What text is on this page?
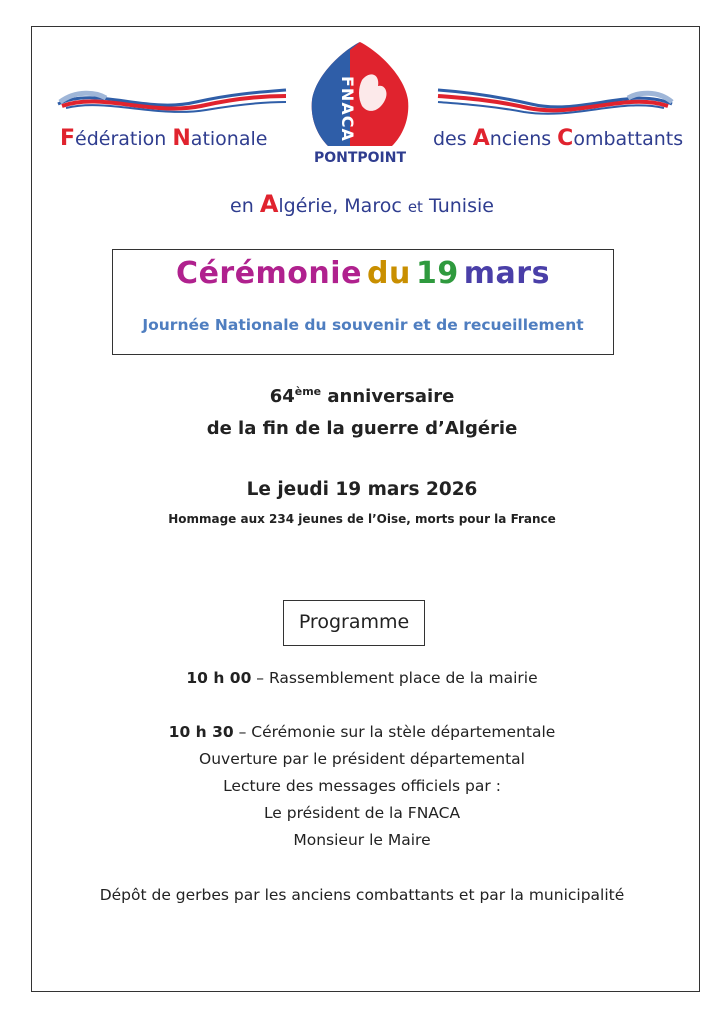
FNACA
PONTPOINT
Fédération Nationale	des Anciens Combattants
en Algérie, Maroc et Tunisie
Cérémonie du 19 mars
Journée Nationale du souvenir et de recueillement
64ème anniversaire
de la fin de la guerre d’Algérie
Le jeudi 19 mars 2026
Hommage aux 234 jeunes de l’Oise, morts pour la France
Programme
10 h 00 – Rassemblement place de la mairie
10 h 30 – Cérémonie sur la stèle départementale
Ouverture par le président départemental
Lecture des messages officiels par :
Le président de la FNACA
Monsieur le Maire
Dépôt de gerbes par les anciens combattants et par la municipalité
